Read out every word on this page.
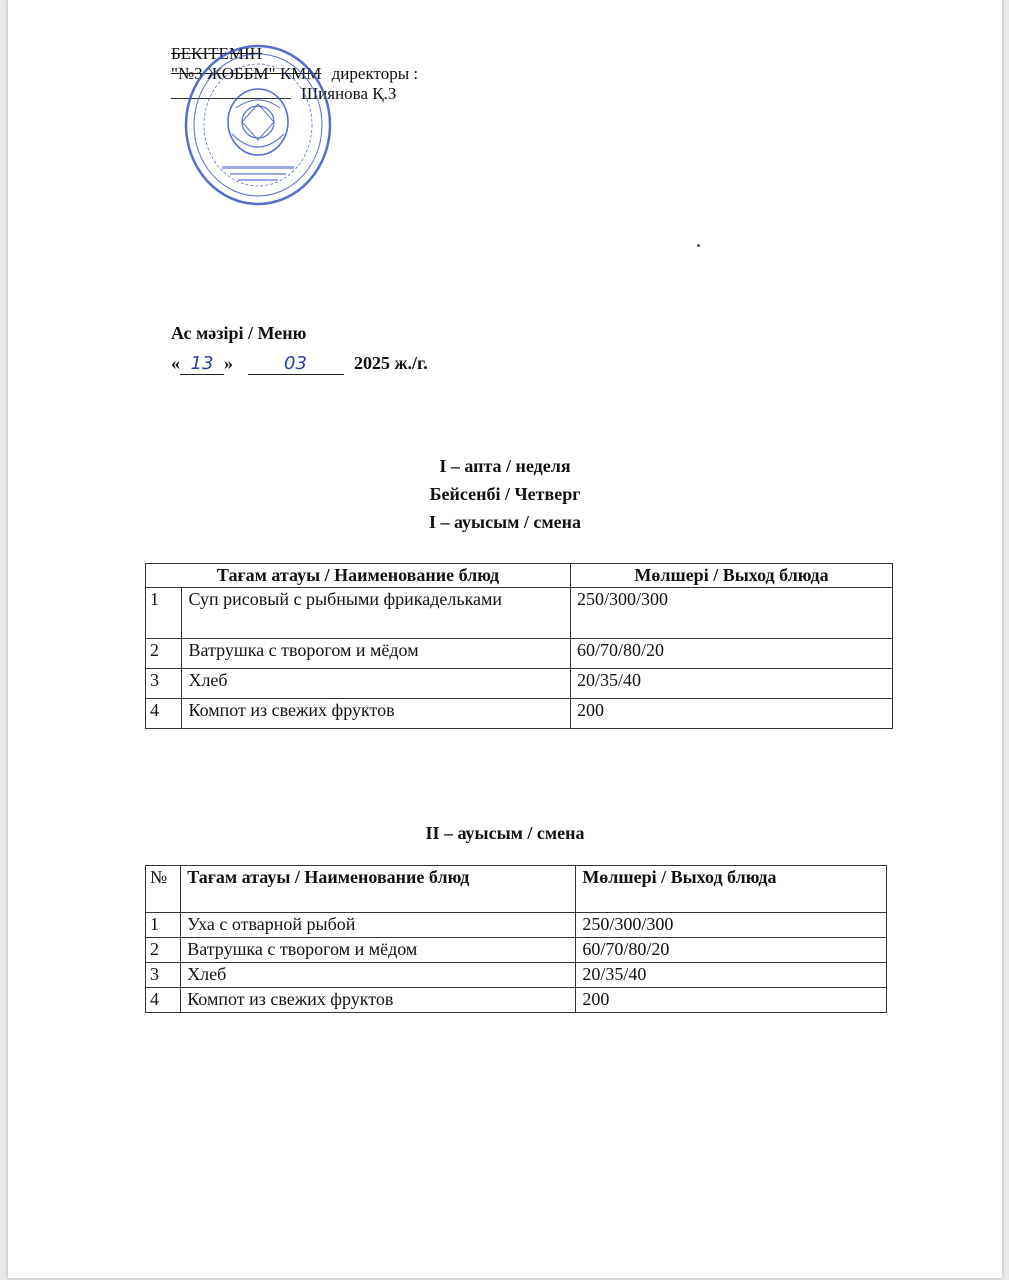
БЕКІТЕМІН
"№3 ЖОББМ" КММ директоры :
Шиянова Қ.З
Ас мәзірі / Меню
« 13 »	03	2025 ж./г.
I – апта / неделя
Бейсенбі / Четверг
I – ауысым / смена
Тағам атауы / Наименование блюд		Мөлшері / Выход блюда
1	Суп рисовый с рыбными фрикадельками	250/300/300
2	Ватрушка с творогом и мёдом	60/70/80/20
3	Хлеб	20/35/40
4	Компот из свежих фруктов	200
II – ауысым / смена
№	Тағам атауы / Наименование блюд	Мөлшері / Выход блюда
1	Уха с отварной рыбой	250/300/300
2	Ватрушка с творогом и мёдом	60/70/80/20
3	Хлеб	20/35/40
4	Компот из свежих фруктов	200
